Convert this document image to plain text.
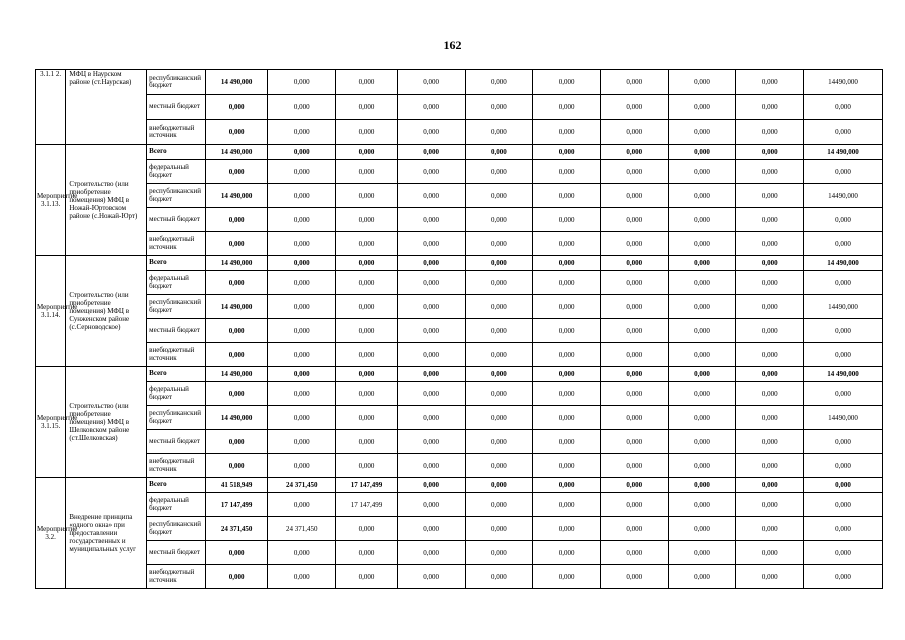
162
3.1.1 2.	МФЦ в Наурском районе (ст.Наурская)	республиканский бюджет	14 490,000	0,000	0,000	0,000	0,000	0,000	0,000	0,000	0,000	14490,000
		местный бюджет	0,000	0,000	0,000	0,000	0,000	0,000	0,000	0,000	0,000	0,000
		внебюджетный источник	0,000	0,000	0,000	0,000	0,000	0,000	0,000	0,000	0,000	0,000
Мероприятие 3.1.13.	Строительство (или приобретение помещения) МФЦ в Ножай-Юртовском районе (с.Ножай-Юрт)	Всего	14 490,000	0,000	0,000	0,000	0,000	0,000	0,000	0,000	0,000	14 490,000
		федеральный бюджет	0,000	0,000	0,000	0,000	0,000	0,000	0,000	0,000	0,000	0,000
		республиканский бюджет	14 490,000	0,000	0,000	0,000	0,000	0,000	0,000	0,000	0,000	14490,000
		местный бюджет	0,000	0,000	0,000	0,000	0,000	0,000	0,000	0,000	0,000	0,000
		внебюджетный источник	0,000	0,000	0,000	0,000	0,000	0,000	0,000	0,000	0,000	0,000
Мероприятие 3.1.14.	Строительство (или приобретение помещения) МФЦ в Сунженском районе (с.Серноводское)	Всего	14 490,000	0,000	0,000	0,000	0,000	0,000	0,000	0,000	0,000	14 490,000
		федеральный бюджет	0,000	0,000	0,000	0,000	0,000	0,000	0,000	0,000	0,000	0,000
		республиканский бюджет	14 490,000	0,000	0,000	0,000	0,000	0,000	0,000	0,000	0,000	14490,000
		местный бюджет	0,000	0,000	0,000	0,000	0,000	0,000	0,000	0,000	0,000	0,000
		внебюджетный источник	0,000	0,000	0,000	0,000	0,000	0,000	0,000	0,000	0,000	0,000
Мероприятие 3.1.15.	Строительство (или приобретение помещения) МФЦ в Шелковском районе (ст.Шелковская)	Всего	14 490,000	0,000	0,000	0,000	0,000	0,000	0,000	0,000	0,000	14 490,000
		федеральный бюджет	0,000	0,000	0,000	0,000	0,000	0,000	0,000	0,000	0,000	0,000
		республиканский бюджет	14 490,000	0,000	0,000	0,000	0,000	0,000	0,000	0,000	0,000	14490,000
		местный бюджет	0,000	0,000	0,000	0,000	0,000	0,000	0,000	0,000	0,000	0,000
		внебюджетный источник	0,000	0,000	0,000	0,000	0,000	0,000	0,000	0,000	0,000	0,000
Мероприятие 3.2.	Внедрение принципа «одного окна» при предоставлении государственных и муниципальных услуг	Всего	41 518,949	24 371,450	17 147,499	0,000	0,000	0,000	0,000	0,000	0,000	0,000
		федеральный бюджет	17 147,499	0,000	17 147,499	0,000	0,000	0,000	0,000	0,000	0,000	0,000
		республиканский бюджет	24 371,450	24 371,450	0,000	0,000	0,000	0,000	0,000	0,000	0,000	0,000
		местный бюджет	0,000	0,000	0,000	0,000	0,000	0,000	0,000	0,000	0,000	0,000
		внебюджетный источник	0,000	0,000	0,000	0,000	0,000	0,000	0,000	0,000	0,000	0,000
